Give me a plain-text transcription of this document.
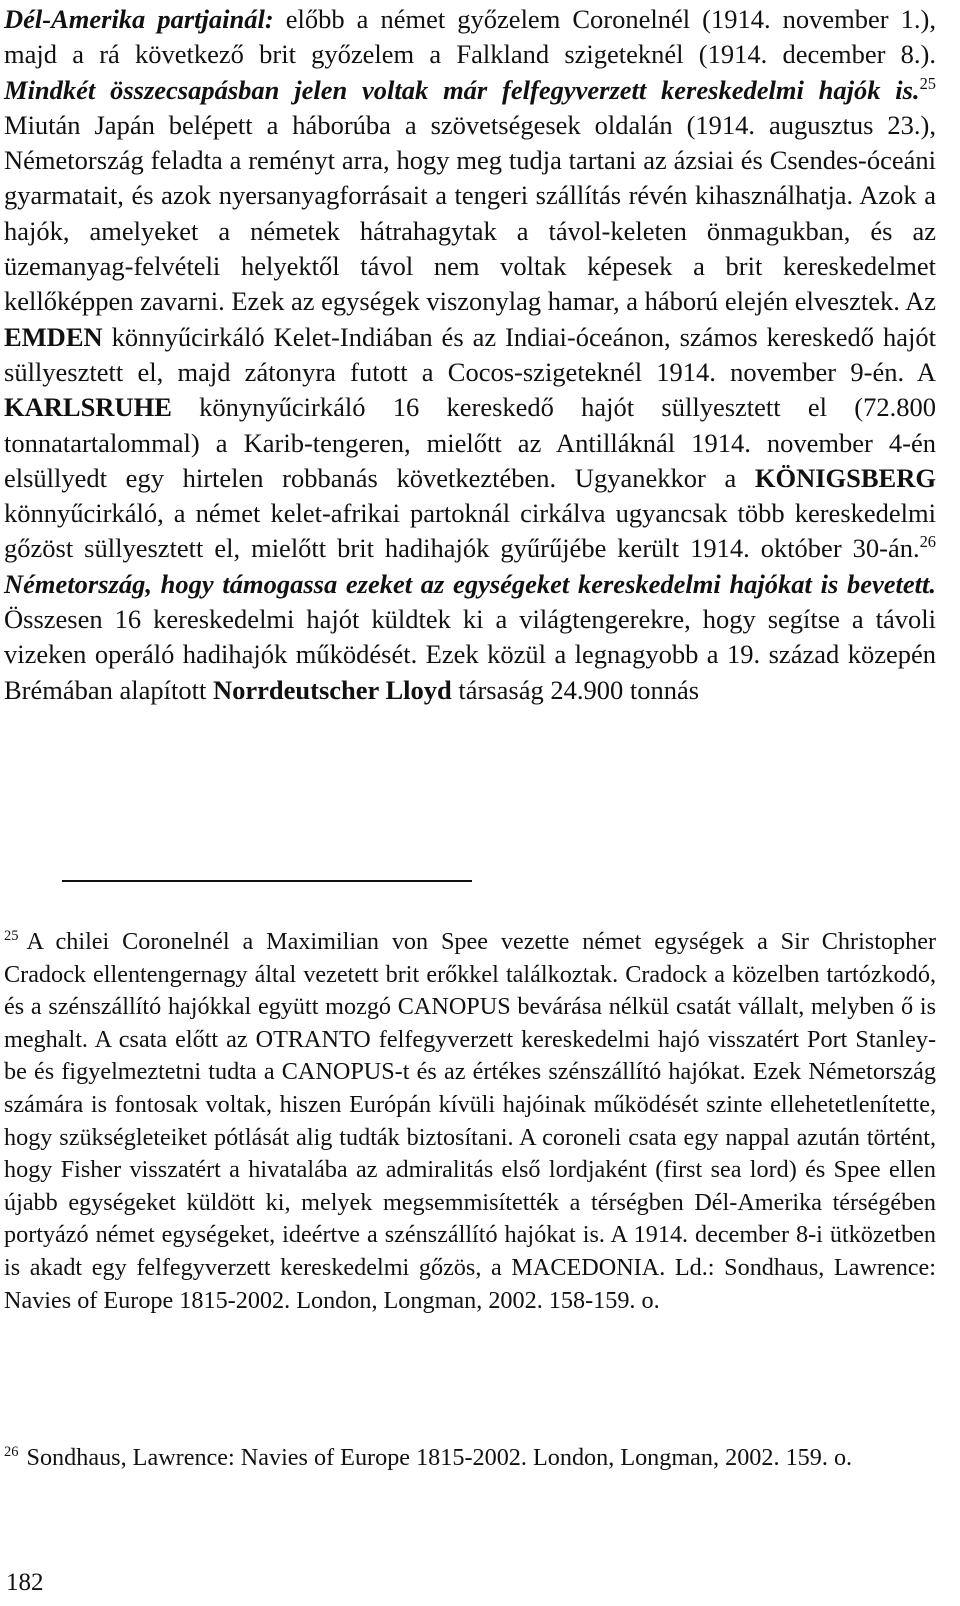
Dél-Amerika partjainál: előbb a német győzelem Coronelnél (1914. november 1.), majd a rá következő brit győzelem a Falkland szigeteknél (1914. december 8.). Mindkét összecsapásban jelen voltak már felfegyverzett kereskedelmi hajók is.$^{25}$ Miután Japán belépett a háborúba a szövetségesek oldalán (1914. augusztus 23.), Németország feladta a reményt arra, hogy meg tudja tartani az ázsiai és Csendes-óceáni gyarmatait, és azok nyersanyagforrásait a tengeri szállítás révén kihasználhatja. Azok a hajók, amelyeket a németek hátrahagytak a távol-keleten önmagukban, és az üzemanyag-felvételi helyektől távol nem voltak képesek a brit kereskedelmet kellőképpen zavarni. Ezek az egységek viszonylag hamar, a háború elején elvesztek. Az EMDEN könnyűcirkáló Kelet-Indiában és az Indiai-óceánon, számos kereskedő hajót süllyesztett el, majd zátonyra futott a Cocos-szigeteknél 1914. november 9-én. A KARLSRUHE könynyűcirkáló 16 kereskedő hajót süllyesztett el (72.800 tonnatartalommal) a Karib-tengeren, mielőtt az Antilláknál 1914. november 4-én elsüllyedt egy hirtelen robbanás következtében. Ugyanekkor a KÖNIGSBERG könnyűcirkáló, a német kelet-afrikai partoknál cirkálva ugyancsak több kereskedelmi gőzöst süllyesztett el, mielőtt brit hadihajók gyűrűjébe került 1914. október 30-án.$^{26}$ Németország, hogy támogassa ezeket az egységeket kereskedelmi hajókat is bevetett. Összesen 16 kereskedelmi hajót küldtek ki a világtengerekre, hogy segítse a távoli vizeken operáló hadihajók működését. Ezek közül a legnagyobb a 19. század közepén Brémában alapított Norrdeutscher Lloyd társaság 24.900 tonnás

$^{25}$ A chilei Coronelnél a Maximilian von Spee vezette német egységek a Sir Christopher Cradock ellentengernagy által vezetett brit erőkkel találkoztak. Cradock a közelben tartózkodó, és a szénszállító hajókkal együtt mozgó CANOPUS bevárása nélkül csatát vállalt, melyben ő is meghalt. A csata előtt az OTRANTO felfegyverzett kereskedelmi hajó visszatért Port Stanley-be és figyelmeztetni tudta a CANOPUS-t és az értékes szénszállító hajókat. Ezek Németország számára is fontosak voltak, hiszen Európán kívüli hajóinak működését szinte ellehetetlenítette, hogy szükségleteiket pótlását alig tudták biztosítani. A coroneli csata egy nappal azután történt, hogy Fisher visszatért a hivatalába az admiralitás első lordjaként (first sea lord) és Spee ellen újabb egységeket küldött ki, melyek megsemmisítették a térségben Dél-Amerika térségében portyázó német egységeket, ideértve a szénszállító hajókat is. A 1914. december 8-i ütközetben is akadt egy felfegyverzett kereskedelmi gőzös, a MACEDONIA. Ld.: Sondhaus, Lawrence: Navies of Europe 1815-2002. London, Longman, 2002. 158-159. o.

$^{26}$ Sondhaus, Lawrence: Navies of Europe 1815-2002. London, Longman, 2002. 159. o.

182
